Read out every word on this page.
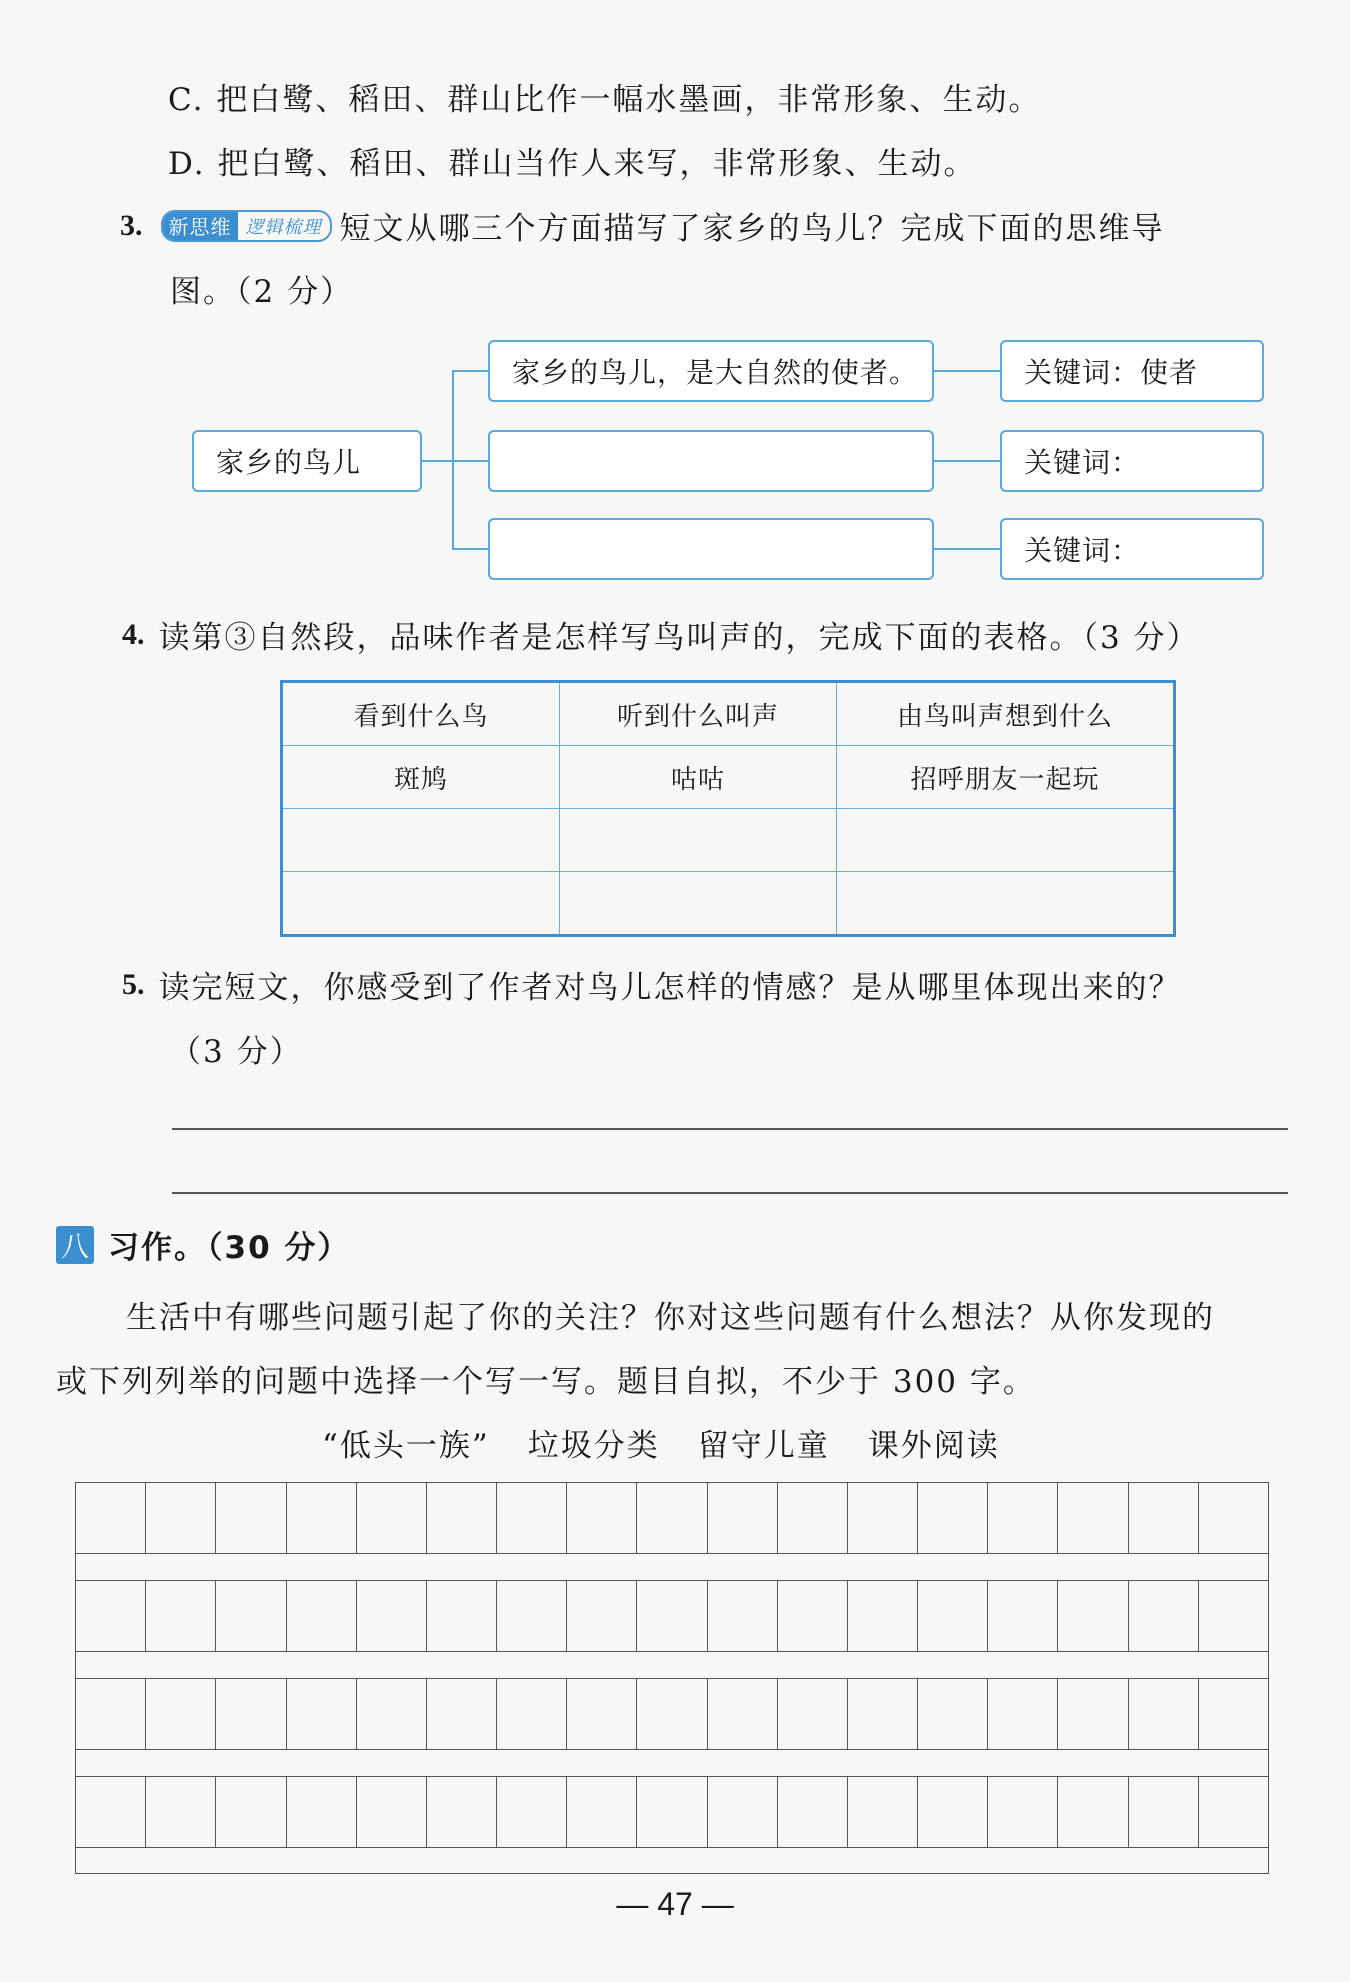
C. 把白鹭、稻田、群山比作一幅水墨画，非常形象、生动。
D. 把白鹭、稻田、群山当作人来写，非常形象、生动。
3.	新思维 逻辑梳理 短文从哪三个方面描写了家乡的鸟儿？完成下面的思维导
图。（2 分）
家乡的鸟儿
家乡的鸟儿，是大自然的使者。	关键词：使者
关键词：
关键词：
4. 读第③自然段，品味作者是怎样写鸟叫声的，完成下面的表格。（3 分）
看到什么鸟	听到什么叫声	由鸟叫声想到什么
斑鸠	咕咕	招呼朋友一起玩

5. 读完短文，你感受到了作者对鸟儿怎样的情感？是从哪里体现出来的？
（3 分）
八 习作。（30 分）
生活中有哪些问题引起了你的关注？你对这些问题有什么想法？从你发现的
或下列列举的问题中选择一个写一写。题目自拟，不少于 300 字。
“低头一族” 垃圾分类 留守儿童 课外阅读
— 47 —
